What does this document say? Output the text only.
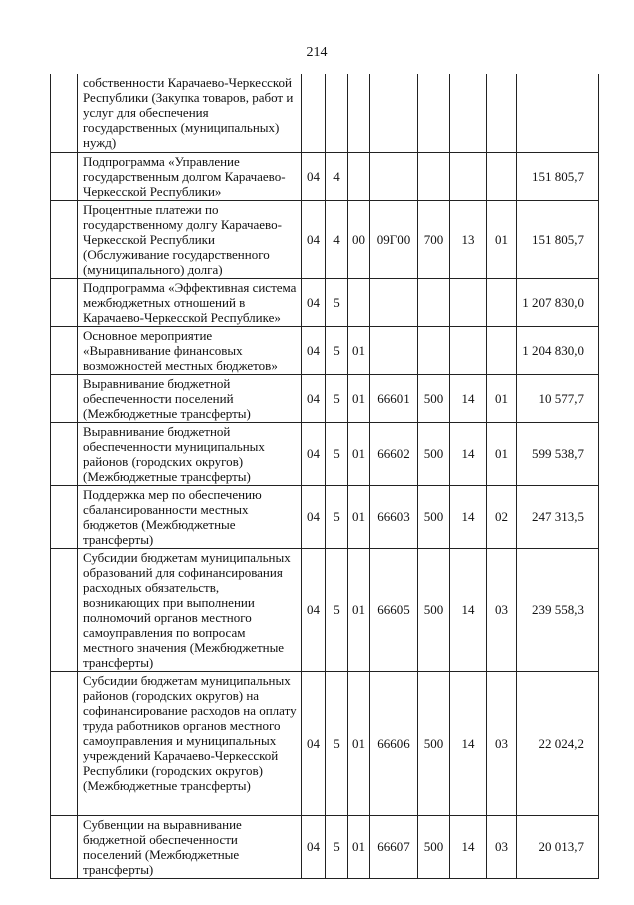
214
	собственности Карачаево-Черкесской Республики (Закупка товаров, работ и услуг для обеспечения государственных (муниципальных) нужд)								
	Подпрограмма «Управление государственным долгом Карачаево-Черкесской Республики»	04	4						151 805,7
	Процентные платежи по государственному долгу Карачаево-Черкесской Республики (Обслуживание государственного (муниципального) долга)	04	4	00	09Г00	700	13	01	151 805,7
	Подпрограмма «Эффективная система межбюджетных отношений в Карачаево-Черкесской Республике»	04	5						1 207 830,0
	Основное мероприятие «Выравнивание финансовых возможностей местных бюджетов»	04	5	01					1 204 830,0
	Выравнивание бюджетной обеспеченности поселений (Межбюджетные трансферты)	04	5	01	66601	500	14	01	10 577,7
	Выравнивание бюджетной обеспеченности муниципальных районов (городских округов) (Межбюджетные трансферты)	04	5	01	66602	500	14	01	599 538,7
	Поддержка мер по обеспечению сбалансированности местных бюджетов (Межбюджетные трансферты)	04	5	01	66603	500	14	02	247 313,5
	Субсидии бюджетам муниципальных образований для софинансирования расходных обязательств, возникающих при выполнении полномочий органов местного самоуправления по вопросам местного значения (Межбюджетные трансферты)	04	5	01	66605	500	14	03	239 558,3
	Субсидии бюджетам муниципальных районов (городских округов) на софинансирование расходов на оплату труда работников органов местного самоуправления и муниципальных учреждений Карачаево-Черкесской Республики (городских округов) (Межбюджетные трансферты)	04	5	01	66606	500	14	03	22 024,2
	Субвенции на выравнивание бюджетной обеспеченности поселений (Межбюджетные трансферты)	04	5	01	66607	500	14	03	20 013,7
